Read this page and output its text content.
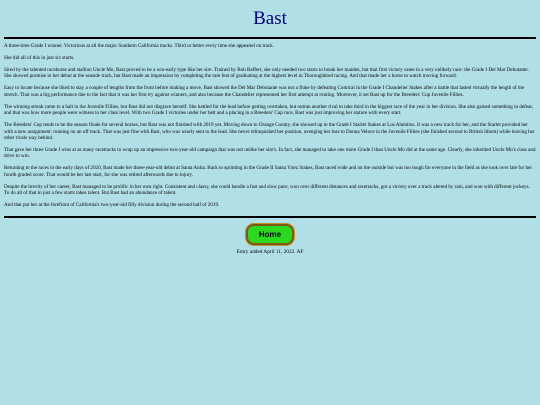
Bast

A three-time Grade I winner. Victorious at all the major Southern California tracks. Third or better every time she appeared on track.

She did all of this in just six starts.

Sired by the talented racehorse and stallion Uncle Mo, Bast proved to be a win-early type like her sire. Trained by Bob Baffert, she only needed two starts to break her maiden, but that first victory came in a very unlikely race: the Grade I Del Mar Debutante. She showed promise in her debut at the seaside track, but Bast made an impression by completing the rare feat of graduating at the highest level in Thoroughbred racing. And that made her a horse to watch moving forward.

Easy to locate because she liked to stay a couple of lengths from the front before making a move, Bast showed the Del Mar Debutante was not a fluke by defeating Comical in the Grade I Chandelier Stakes after a battle that lasted virtually the length of the stretch. That was a big performance due to the fact that it was her first try against winners, and also because the Chandelier represented her first attempt at routing. Moreover, it set Bast up for the Breeders' Cup Juvenile Fillies.

The winning streak came to a halt in the Juvenile Fillies, but Bast did not disgrace herself. She battled for the lead before getting overtaken, but outran another rival to take third in the biggest race of the year in her division. She also gained something in defeat, and that was how more people were witness to her class level. With two Grade I victories under her belt and a placing in a Breeders' Cup race, Bast was just improving her stature with every start.

The Breeders' Cup tends to be the season finale for several horses, but Bast was not finished with 2019 yet. Moving down to Orange County, she showed up in the Grade I Starlet Stakes at Los Alamitos. It was a new track for her, and the Starlet provided her with a new assignment: running on an off track. That was just fine with Bast, who was wisely sent to the lead. She never relinquished her position, avenging her loss to Donna Veloce in the Juvenile Fillies (she finished second to British Idiom) while leaving her other rivals way behind.

That gave her three Grade I wins at as many racetracks to wrap up an impressive two-year-old campaign that was not unlike her sire's. In fact, she managed to take one more Grade I than Uncle Mo did at the same age. Clearly, she inherited Uncle Mo's class and drive to win.

Returning to the races in the early days of 2020, Bast made her three-year-old debut at Santa Anita. Back to sprinting in the Grade II Santa Ynez Stakes, Bast raced wide and on the outside but was too tough for everyone in the field as she took over late for her fourth graded score. That would be her last start, for she was retired afterwards due to injury.

Despite the brevity of her career, Bast managed to be prolific in her own right. Consistent and classy, she could handle a fast and slow pace, won over different distances and racetracks, got a victory over a track altered by rain, and won with different jockeys. To do all of that in just a few starts takes talent. But Bast had an abundance of talent.

And that put her at the forefront of California's two-year-old filly division during the second half of 2019.

Home

Entry added April 11, 2022. AF
